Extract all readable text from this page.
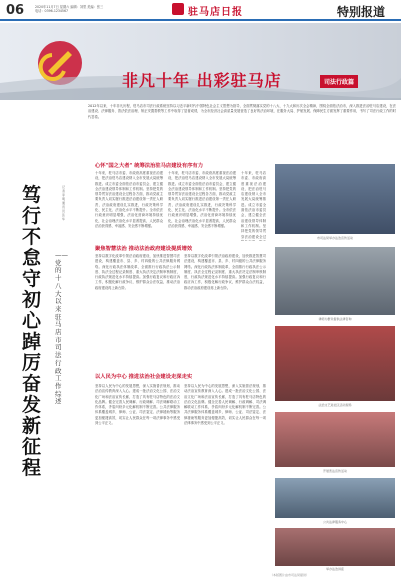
06	2020年11月7日 星期六 编辑：刘思 美编：张三 电话：0396-1234567	驻马店日报	特别报道
非凡十年 出彩驻马店	司法行政篇
2012年以来，十年非凡历程，驻马店市司法行政系统坚持以习近平新时代中国特色社会主义思想为指导，全面贯彻落实党的十八大、十九大和历次全会精神，围绕全面依法治市，深入推进法治驻马店建设，在法治建设、法律服务、普法依法治理、矫正安置帮教等工作中取得了显著成绩，为全市经济社会高质量发展营造了良好的法治环境，在服务大局、护航发展、保障民生方面发挥了重要作用，书写了司法行政工作的时代答卷。
笃行不怠守初心 踔厉奋发新征程
记者 李明 通讯员 张华
——党的十八大以来驻马店市司法行政工作综述
心怀"国之大者" 统筹法治驻马店建设有序有力
十年来，驻马店市委、市政府高度重视法治建设，把法治驻马店建设纳入全市发展大局统筹推进。成立市委全面依法治市委员会，建立健全法治建设领导体制和工作机制。坚持把党的领导贯穿法治建设全过程各方面，推动党政主要负责人切实履行推进法治建设第一责任人职责，法治政府建设扎实推进，行政决策科学化、民主化、法治化水平不断提升。全市依法行政意识明显增强，法治化营商环境持续优化，社会治理法治化水平显著提高，人民群众法治获得感、幸福感、安全感不断增强。
十年来，驻马店市委、市政府高度重视法治建设，把法治驻马店建设纳入全市发展大局统筹推进。成立市委全面依法治市委员会，建立健全法治建设领导体制和工作机制。坚持把党的领导贯穿法治建设全过程各方面，推动党政主要负责人切实履行推进法治建设第一责任人职责，法治政府建设扎实推进，行政决策科学化、民主化、法治化水平不断提升。全市依法行政意识明显增强，法治化营商环境持续优化，社会治理法治化水平显著提高，人民群众法治获得感、幸福感、安全感不断增强。
十年来，驻马店市委、市政府高度重视法治建设，把法治驻马店建设纳入全市发展大局统筹推进。成立市委全面依法治市委员会，建立健全法治建设领导体制和工作机制。坚持把党的领导贯穿法治建设全过
聚焦智慧法治 推动法治政府建设提质增效
坚持以数字化改革引领法治政府建设，加快推进智慧司法建设，构建覆盖市、县、乡、村四级的公共法律服务网络。深化行政执法体制改革，全面推行行政执法公示制度、执法全过程记录制度、重大执法决定法制审核制度，行政执法规范化水平持续提高。加强行政复议和行政应诉工作，积极化解行政争议，维护群众合法权益，推动法治政府建设再上新台阶。
坚持以数字化改革引领法治政府建设，加快推进智慧司法建设，构建覆盖市、县、乡、村四级的公共法律服务网络。深化行政执法体制改革，全面推行行政执法公示制度、执法全过程记录制度、重大执法决定法制审核制度，行政执法规范化水平持续提高。加强行政复议和行政应诉工作，积极化解行政争议，维护群众合法权益，推动法治政府建设再上新台阶。
以人民为中心 推进法治社会建设走深走实
坚持以人民为中心的发展思想，深入实施普法规划，推动法治宣传教育深入人心。建成一批法治文化公园、法治文化广场和法治宣传长廊，打造了具有驻马店特色的法治文化品牌。健全完善人民调解、行政调解、司法调解联动工作体系，矛盾纠纷多元化解机制不断完善。公共法律服务体系覆盖城乡，律师、公证、司法鉴定、法律援助等服务更加便捷高效，切实让人民群众在每一项法律事务中感受到公平正义。
坚持以人民为中心的发展思想，深入实施普法规划，推动法治宣传教育深入人心。建成一批法治文化公园、法治文化广场和法治宣传长廊，打造了具有驻马店特色的法治文化品牌。健全完善人民调解、行政调解、司法调解联动工作体系，矛盾纠纷多元化解机制不断完善。公共法律服务体系覆盖城乡，律师、公证、司法鉴定、法律援助等服务更加便捷高效，切实让人民群众在每一项法律事务中感受到公平正义。
市司法局举办法治宣传活动
律师为群众提供法律咨询
法治文艺进社区活动现场
开展普法宣传活动
公共法律服务中心
举办法治讲座
（本版图片由市司法局提供）
